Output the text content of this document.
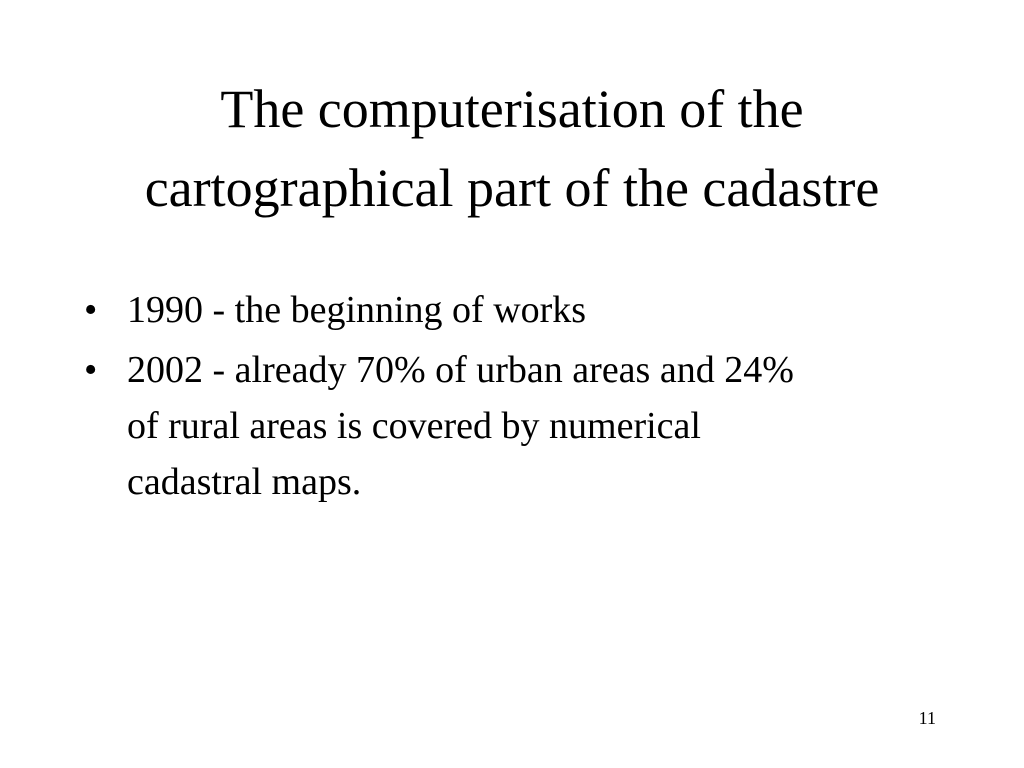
The computerisation of the
cartographical part of the cadastre
• 1990 - the beginning of works
• 2002 - already 70% of urban areas and 24%
of rural areas is covered by numerical
cadastral maps.
11
